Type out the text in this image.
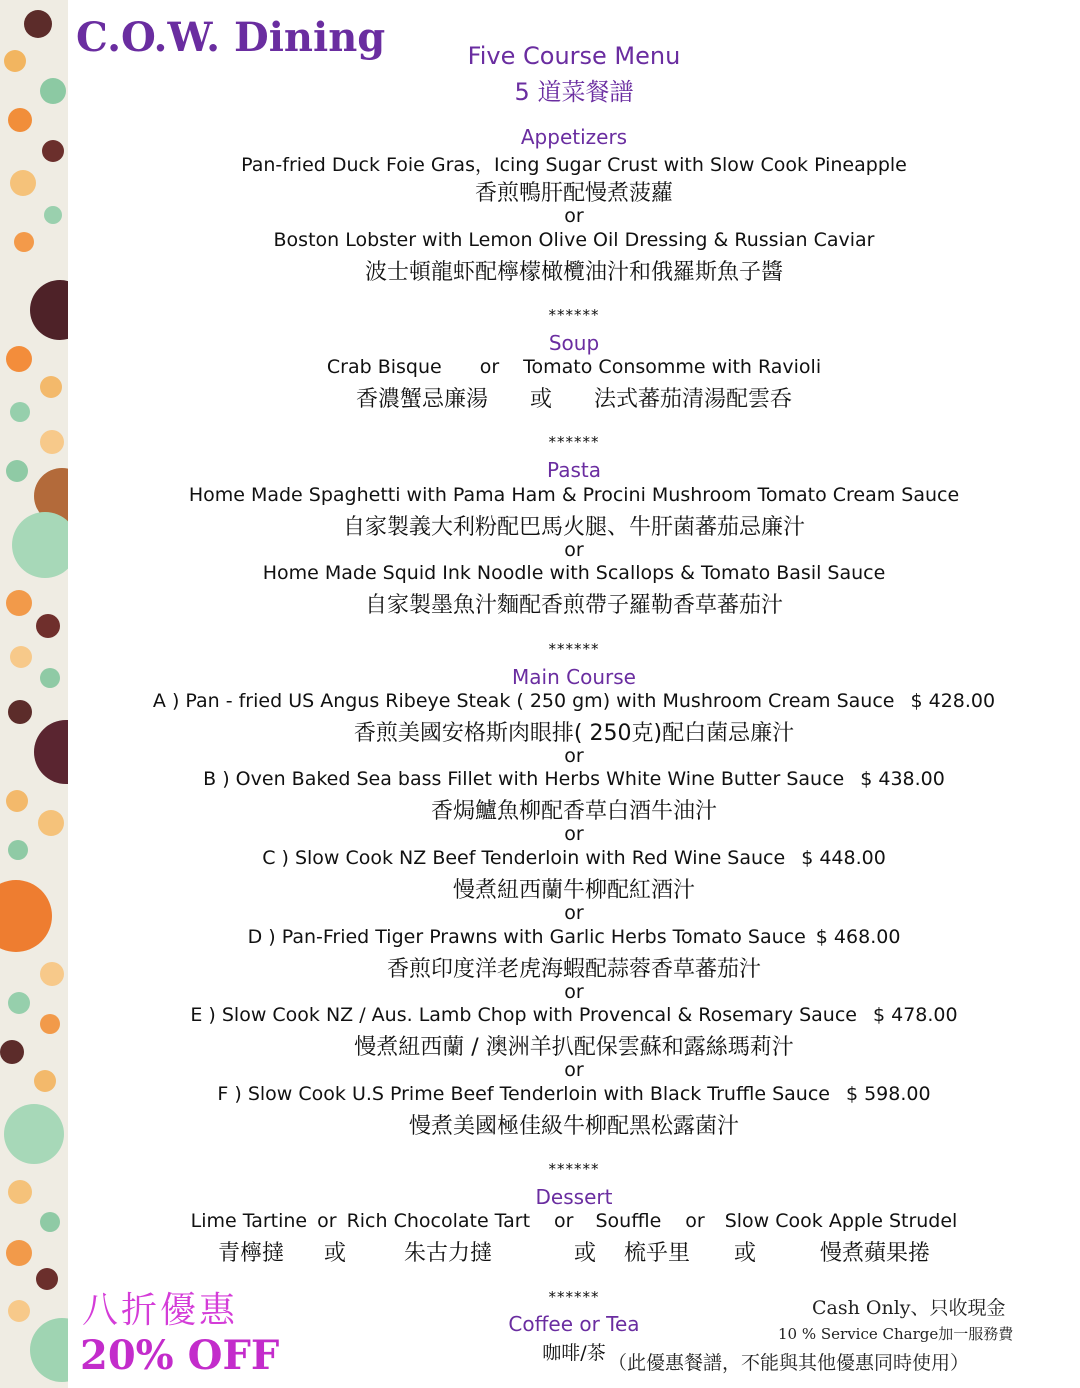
C.O.W. Dining	Five Course Menu
5 道菜餐譜
Appetizers
Pan-fried Duck Foie Gras，Icing Sugar Crust with Slow Cook Pineapple
香煎鴨肝配慢煮菠蘿
or
Boston Lobster with Lemon Olive Oil Dressing & Russian Caviar
波士頓龍虾配檸檬橄欖油汁和俄羅斯魚子醬
******
Soup
Crab Bisque or Tomato Consomme with Ravioli
香濃蟹忌廉湯 或 法式蕃茄清湯配雲呑
******
Pasta
Home Made Spaghetti with Pama Ham & Procini Mushroom Tomato Cream Sauce
自家製義大利粉配巴馬火腿、牛肝菌蕃茄忌廉汁
or
Home Made Squid Ink Noodle with Scallops & Tomato Basil Sauce
自家製墨魚汁麵配香煎帶子羅勒香草蕃茄汁
******
Main Course
A ) Pan - fried US Angus Ribeye Steak ( 250 gm) with Mushroom Cream Sauce $ 428.00
香煎美國安格斯肉眼排( 250克)配白菌忌廉汁
or
B ) Oven Baked Sea bass Fillet with Herbs White Wine Butter Sauce $ 438.00
香焗鱸魚柳配香草白酒牛油汁
or
C ) Slow Cook NZ Beef Tenderloin with Red Wine Sauce $ 448.00
慢煮紐西蘭牛柳配紅酒汁
or
D ) Pan-Fried Tiger Prawns with Garlic Herbs Tomato Sauce $ 468.00
香煎印度洋老虎海蝦配蒜蓉香草蕃茄汁
or
E ) Slow Cook NZ / Aus. Lamb Chop with Provencal & Rosemary Sauce $ 478.00
慢煮紐西蘭 / 澳洲羊扒配保雲蘇和露絲瑪莉汁
or
F ) Slow Cook U.S Prime Beef Tenderloin with Black Truffle Sauce $ 598.00
慢煮美國極佳級牛柳配黑松露菌汁
******
Dessert
Lime Tartine or Rich Chocolate Tart or Souffle or Slow Cook Apple Strudel
青檸撻 或	朱古力撻	或 梳乎里 或	慢煮蘋果捲
******
Coffee or Tea
咖啡/茶
八折優惠
20% OFF
Cash Only、只收現金
10 % Service Charge加一服務費
（此優惠餐譜，不能與其他優惠同時使用）
